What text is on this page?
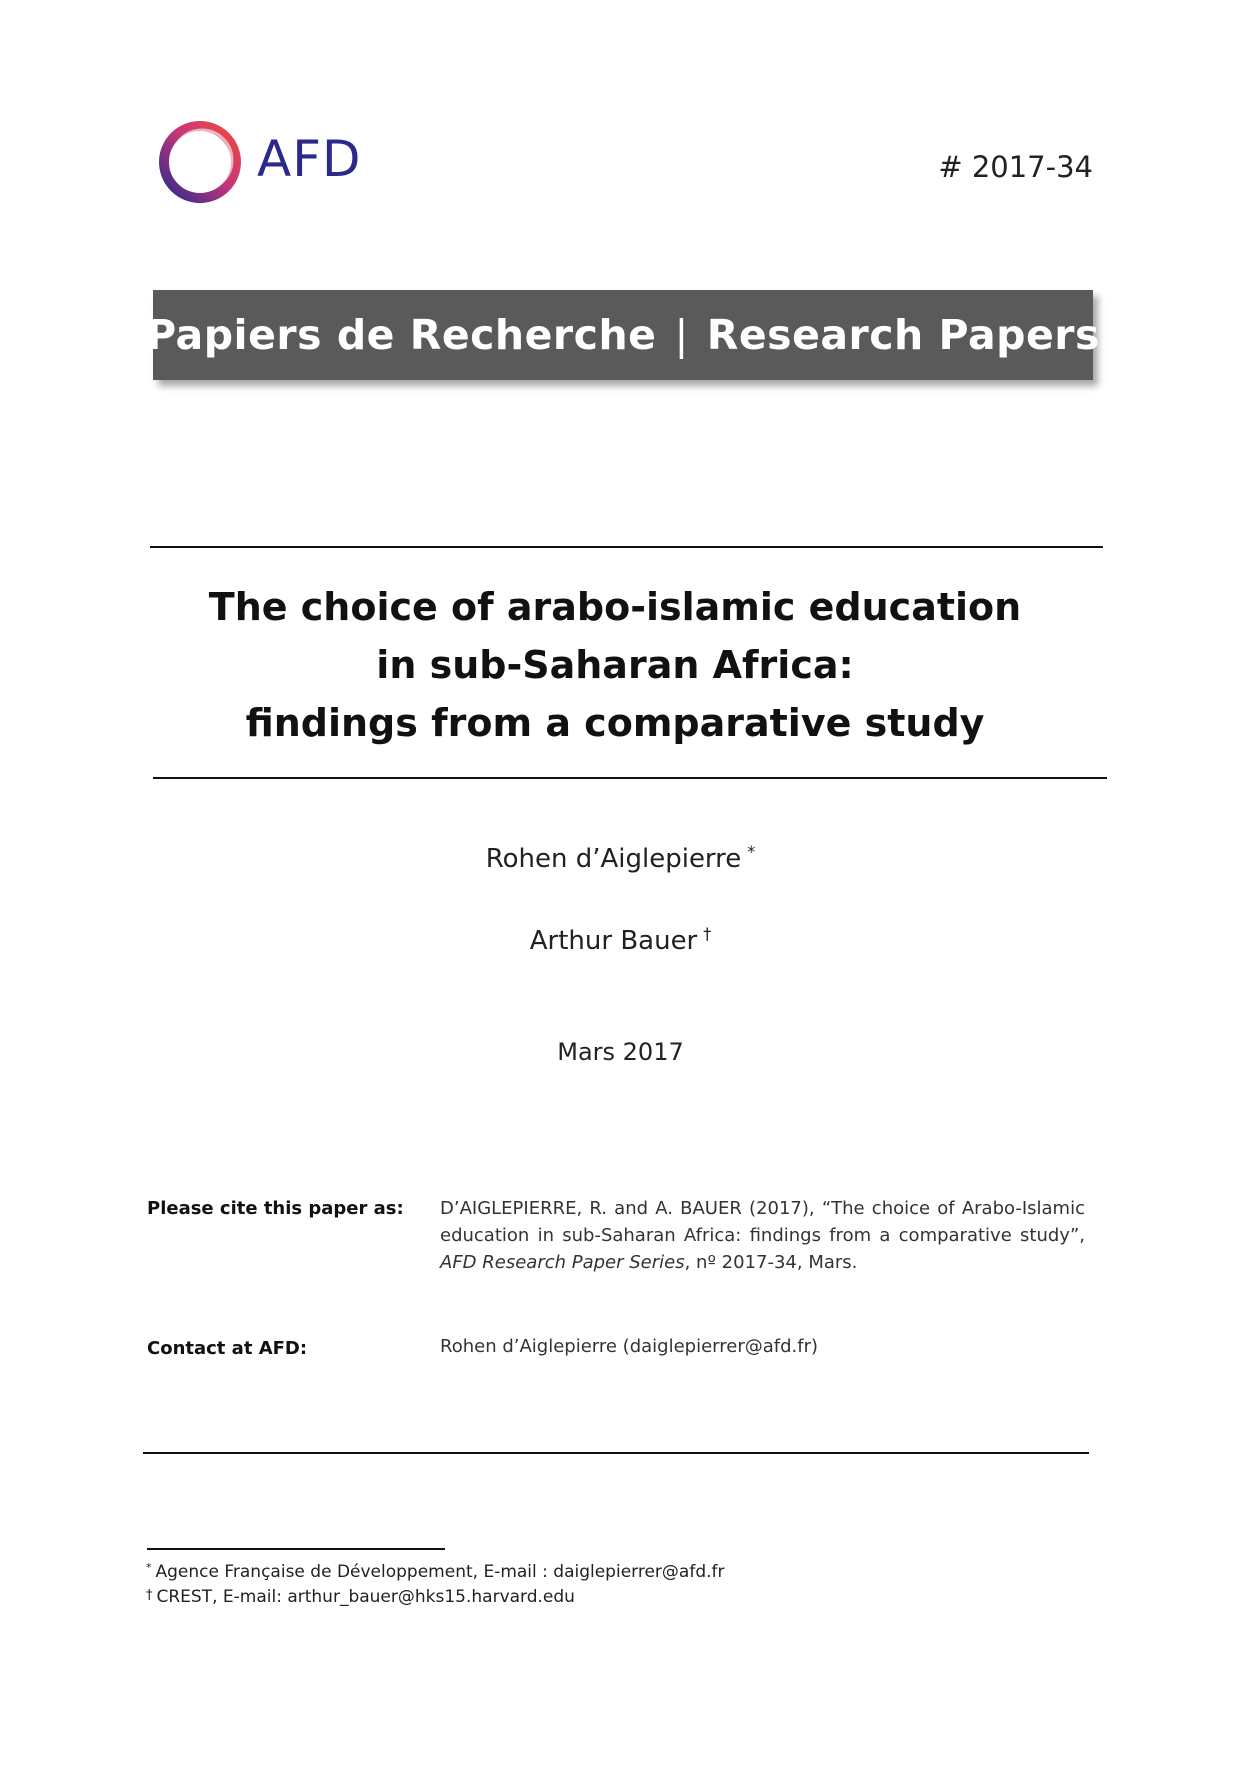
AFD	# 2017-34
Papiers de Recherche | Research Papers
The choice of arabo-islamic education
in sub-Saharan Africa:
findings from a comparative study
Rohen d’Aiglepierre *
Arthur Bauer †
Mars 2017
Please cite this paper as: D’AIGLEPIERRE, R. and A. BAUER (2017), “The choice of Arabo-Islamic education in sub-Saharan Africa: findings from a comparative study”, AFD Research Paper Series, nº 2017-34, Mars.
Contact at AFD:	Rohen d’Aiglepierre (daiglepierrer@afd.fr)
* Agence Française de Développement, E-mail : daiglepierrer@afd.fr
† CREST, E-mail: arthur_bauer@hks15.harvard.edu
